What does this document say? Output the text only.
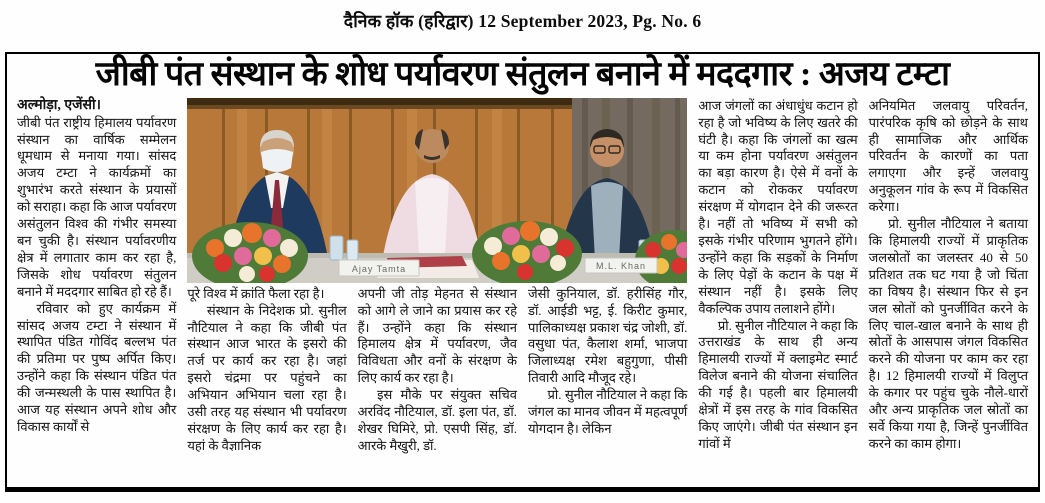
दैनिक हॉक (हरिद्वार) 12 September 2023, Pg. No. 6
जीबी पंत संस्थान के शोध पर्यावरण संतुलन बनाने में मददगार : अजय टम्टा

अल्मोड़ा, एजेंसी।

जीबी पंत राष्ट्रीय हिमालय पर्यावरण संस्थान का वार्षिक सम्मेलन धूमधाम से मनाया गया। सांसद अजय टम्टा ने कार्यक्रमों का शुभारंभ करते संस्थान के प्रयासों को सराहा। कहा कि आज पर्यावरण असंतुलन विश्व की गंभीर समस्या बन चुकी है। संस्थान पर्यावरणीय क्षेत्र में लगातार काम कर रहा है, जिसके शोध पर्यावरण संतुलन बनाने में मददगार साबित हो रहे हैं।

रविवार को हुए कार्यक्रम में सांसद अजय टम्टा ने संस्थान में स्थापित पंडित गोविंद बल्लभ पंत की प्रतिमा पर पुष्प अर्पित किए। उन्होंने कहा कि संस्थान पंडित पंत की जन्मस्थली के पास स्थापित है। आज यह संस्थान अपने शोध और विकास कार्यों से

Ajay Tamta	M.L. Khan

पूरे विश्व में क्रांति फैला रहा है।

संस्थान के निदेशक प्रो. सुनील नौटियाल ने कहा कि जीबी पंत संस्थान आज भारत के इसरो की तर्ज पर कार्य कर रहा है। जहां इसरो चंद्रमा पर पहुंचने का अभियान अभियान चला रहा है। उसी तरह यह संस्थान भी पर्यावरण संरक्षण के लिए कार्य कर रहा है। यहां के वैज्ञानिक

अपनी जी तोड़ मेहनत से संस्थान को आगे ले जाने का प्रयास कर रहे हैं। उन्होंने कहा कि संस्थान हिमालय क्षेत्र में पर्यावरण, जैव विविधता और वनों के संरक्षण के लिए कार्य कर रहा है।

इस मौके पर संयुक्त सचिव अरविंद नौटियाल, डॉ. इला पंत, डॉ. शेखर घिमिरे, प्रो. एसपी सिंह, डॉ. आरके मैखुरी, डॉ.

जेसी कुनियाल, डॉ. हरीसिंह गौर, डॉ. आईडी भट्ट, ई. किरीट कुमार, पालिकाध्यक्ष प्रकाश चंद्र जोशी, डॉ. वसुधा पंत, कैलाश शर्मा, भाजपा जिलाध्यक्ष रमेश बहुगुणा, पीसी तिवारी आदि मौजूद रहे।

प्रो. सुनील नौटियाल ने कहा कि जंगल का मानव जीवन में महत्वपूर्ण योगदान है। लेकिन

आज जंगलों का अंधाधुंध कटान हो रहा है जो भविष्य के लिए खतरे की घंटी है। कहा कि जंगलों का खत्म या कम होना पर्यावरण असंतुलन का बड़ा कारण है। ऐसे में वनों के कटान को रोककर पर्यावरण संरक्षण में योगदान देने की जरूरत है। नहीं तो भविष्य में सभी को इसके गंभीर परिणाम भुगतने होंगे। उन्होंने कहा कि सड़कों के निर्माण के लिए पेड़ों के कटान के पक्ष में संस्थान नहीं है। इसके लिए वैकल्पिक उपाय तलाशने होंगे।

प्रो. सुनील नौटियाल ने कहा कि उत्तराखंड के साथ ही अन्य हिमालयी राज्यों में क्लाइमेट स्मार्ट विलेज बनाने की योजना संचालित की गई है। पहली बार हिमालयी क्षेत्रों में इस तरह के गांव विकसित किए जाएंगे। जीबी पंत संस्थान इन गांवों में

अनियमित जलवायु परिवर्तन, पारंपरिक कृषि को छोड़ने के साथ ही सामाजिक और आर्थिक परिवर्तन के कारणों का पता लगाएगा और इन्हें जलवायु अनुकूलन गांव के रूप में विकसित करेगा।

प्रो. सुनील नौटियाल ने बताया कि हिमालयी राज्यों में प्राकृतिक जलस्रोतों का जलस्तर 40 से 50 प्रतिशत तक घट गया है जो चिंता का विषय है। संस्थान फिर से इन जल स्रोतों को पुनर्जीवित करने के लिए चाल-खाल बनाने के साथ ही स्रोतों के आसपास जंगल विकसित करने की योजना पर काम कर रहा है। 12 हिमालयी राज्यों में विलुप्त के कगार पर पहुंच चुके नौले-धारों और अन्य प्राकृतिक जल स्रोतों का सर्वे किया गया है, जिन्हें पुनर्जीवित करने का काम होगा।
